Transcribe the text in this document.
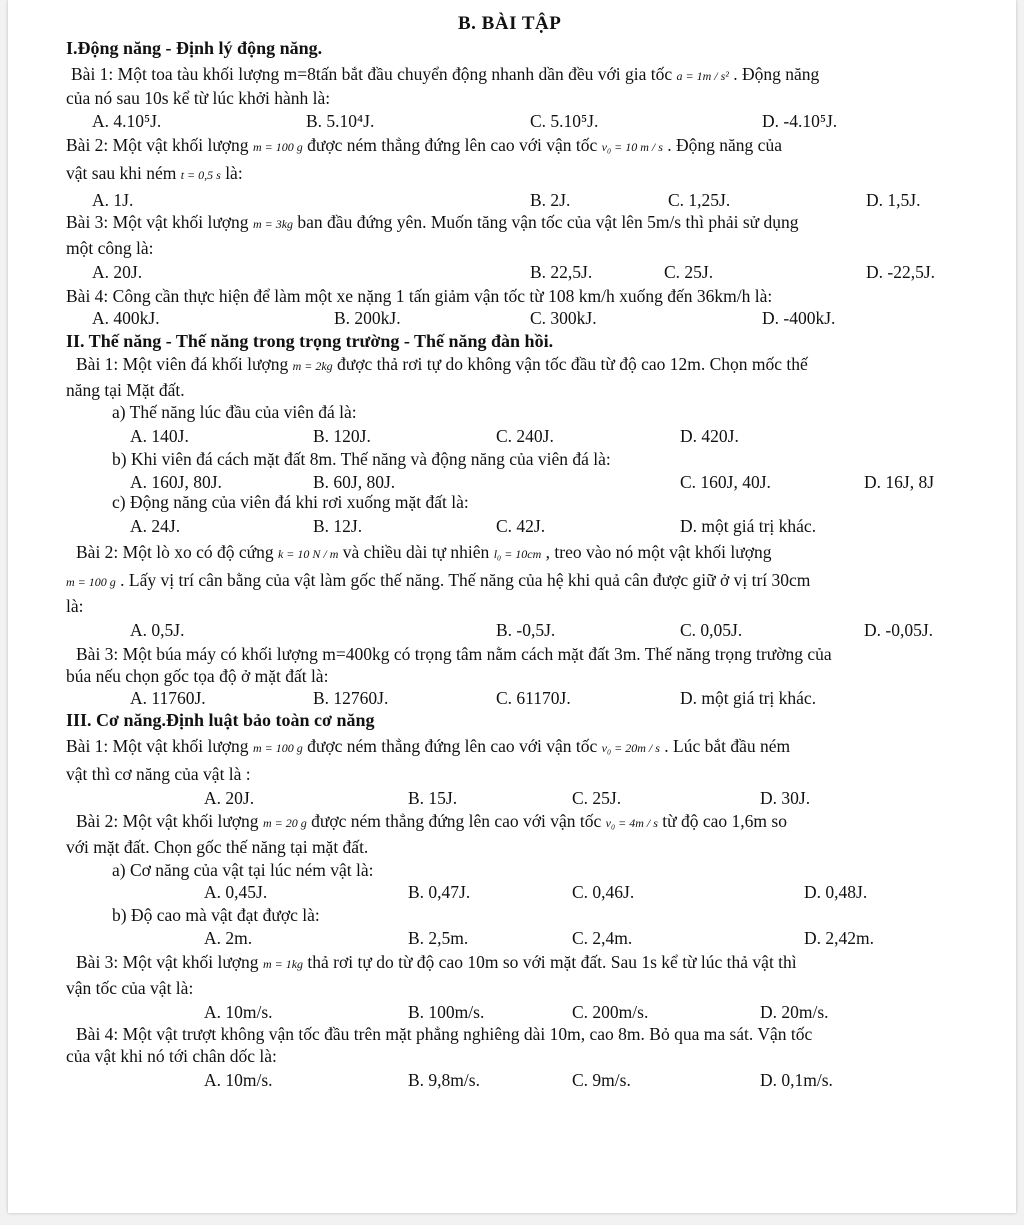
B. BÀI TẬP
I.Động năng - Định lý động năng.
Bài 1: Một toa tàu khối lượng m=8tấn bắt đầu chuyển động nhanh dần đều với gia tốc a = 1m / s² . Động năng
của nó sau 10s kể từ lúc khởi hành là:
A. 4.10⁵J.	B. 5.10⁴J.	C. 5.10⁵J.	D. -4.10⁵J.
Bài 2: Một vật khối lượng m = 100 g được ném thẳng đứng lên cao với vận tốc v₀ = 10 m / s . Động năng của
vật sau khi ném t = 0,5 s là:
A. 1J.	B. 2J.	C. 1,25J.	D. 1,5J.
Bài 3: Một vật khối lượng m = 3kg ban đầu đứng yên. Muốn tăng vận tốc của vật lên 5m/s thì phải sử dụng
một công là:
A. 20J.	B. 22,5J.	C. 25J.	D. -22,5J.
Bài 4: Công cần thực hiện để làm một xe nặng 1 tấn giảm vận tốc từ 108 km/h xuống đến 36km/h là:
A. 400kJ.	B. 200kJ.	C. 300kJ.	D. -400kJ.
II. Thế năng - Thế năng trong trọng trường - Thế năng đàn hồi.
Bài 1: Một viên đá khối lượng m = 2kg được thả rơi tự do không vận tốc đầu từ độ cao 12m. Chọn mốc thế
năng tại Mặt đất.
a) Thế năng lúc đầu của viên đá là:
A. 140J.	B. 120J.	C. 240J.	D. 420J.
b) Khi viên đá cách mặt đất 8m. Thế năng và động năng của viên đá là:
A. 160J, 80J.	B. 60J, 80J.	C. 160J, 40J.	D. 16J, 8J
c) Động năng của viên đá khi rơi xuống mặt đất là:
A. 24J.	B. 12J.	C. 42J.	D. một giá trị khác.
Bài 2: Một lò xo có độ cứng k = 10 N / m và chiều dài tự nhiên l₀ = 10cm , treo vào nó một vật khối lượng
m = 100 g . Lấy vị trí cân bằng của vật làm gốc thế năng. Thế năng của hệ khi quả cân được giữ ở vị trí 30cm
là:
A. 0,5J.	B. -0,5J.	C. 0,05J.	D. -0,05J.
Bài 3: Một búa máy có khối lượng m=400kg có trọng tâm nằm cách mặt đất 3m. Thế năng trọng trường của
búa nếu chọn gốc tọa độ ở mặt đất là:
A. 11760J.	B. 12760J.	C. 61170J.	D. một giá trị khác.
III. Cơ năng.Định luật bảo toàn cơ năng
Bài 1: Một vật khối lượng m = 100 g được ném thẳng đứng lên cao với vận tốc v₀ = 20m / s . Lúc bắt đầu ném
vật thì cơ năng của vật là :
A. 20J.	B. 15J.	C. 25J.	D. 30J.
Bài 2: Một vật khối lượng m = 20 g được ném thẳng đứng lên cao với vận tốc v₀ = 4m / s từ độ cao 1,6m so
với mặt đất. Chọn gốc thế năng tại mặt đất.
a) Cơ năng của vật tại lúc ném vật là:
A. 0,45J.	B. 0,47J.	C. 0,46J.	D. 0,48J.
b) Độ cao mà vật đạt được là:
A. 2m.	B. 2,5m.	C. 2,4m.	D. 2,42m.
Bài 3: Một vật khối lượng m = 1kg thả rơi tự do từ độ cao 10m so với mặt đất. Sau 1s kể từ lúc thả vật thì
vận tốc của vật là:
A. 10m/s.	B. 100m/s.	C. 200m/s.	D. 20m/s.
Bài 4: Một vật trượt không vận tốc đầu trên mặt phẳng nghiêng dài 10m, cao 8m. Bỏ qua ma sát. Vận tốc
của vật khi nó tới chân dốc là:
A. 10m/s.	B. 9,8m/s.	C. 9m/s.	D. 0,1m/s.
